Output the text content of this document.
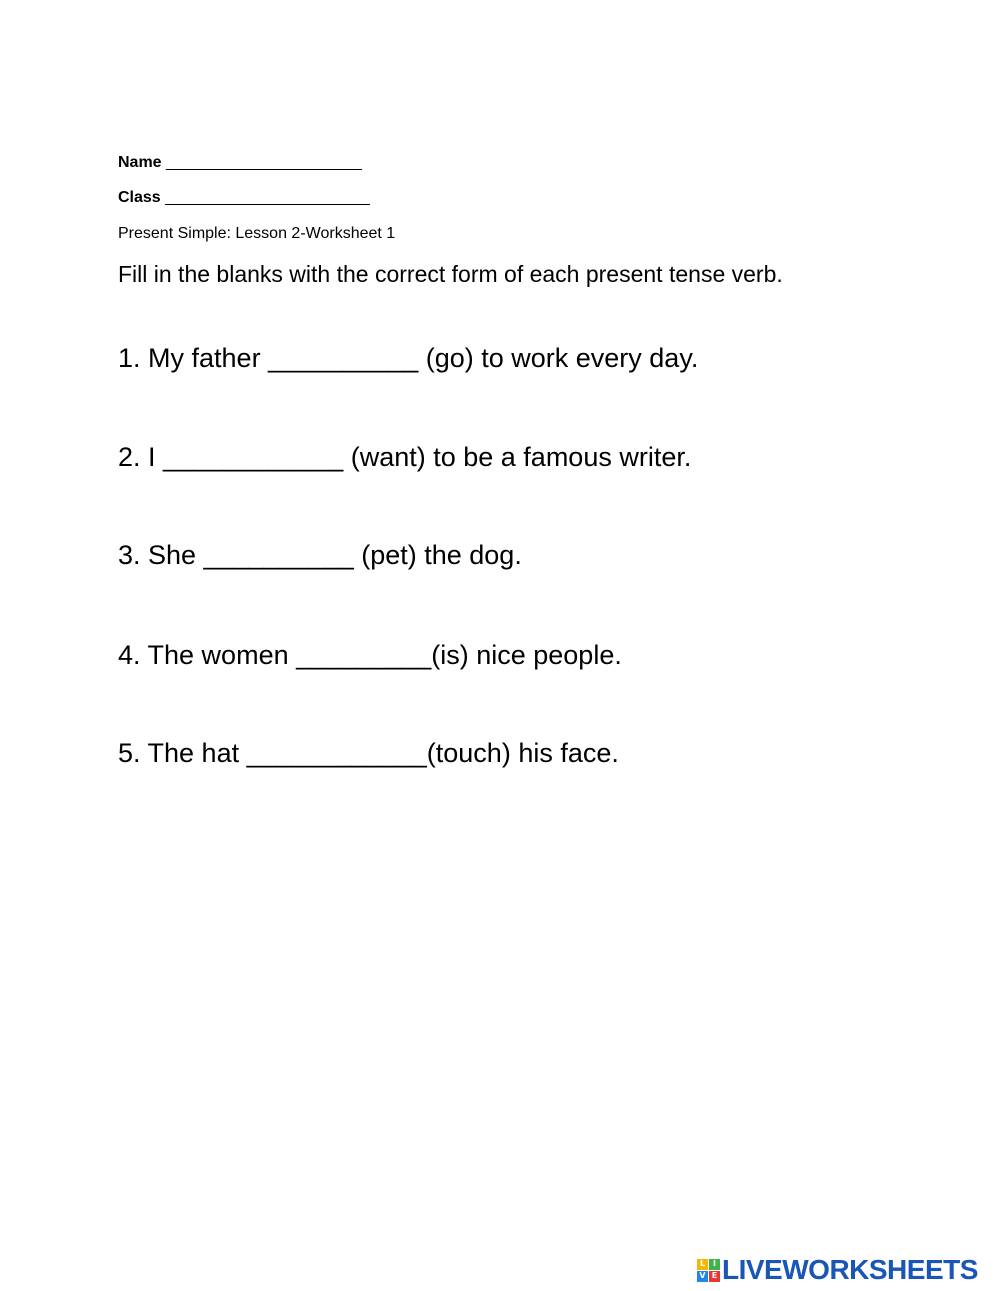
Name ______________________
Class _______________________
Present Simple: Lesson 2-Worksheet 1
Fill in the blanks with the correct form of each present tense verb.
1. My father __________ (go) to work every day.
2. I ____________ (want) to be a famous writer.
3. She __________ (pet) the dog.
4. The women _________(is) nice people.
5. The hat ____________(touch) his face.
L I
V E LIVEWORKSHEETS
